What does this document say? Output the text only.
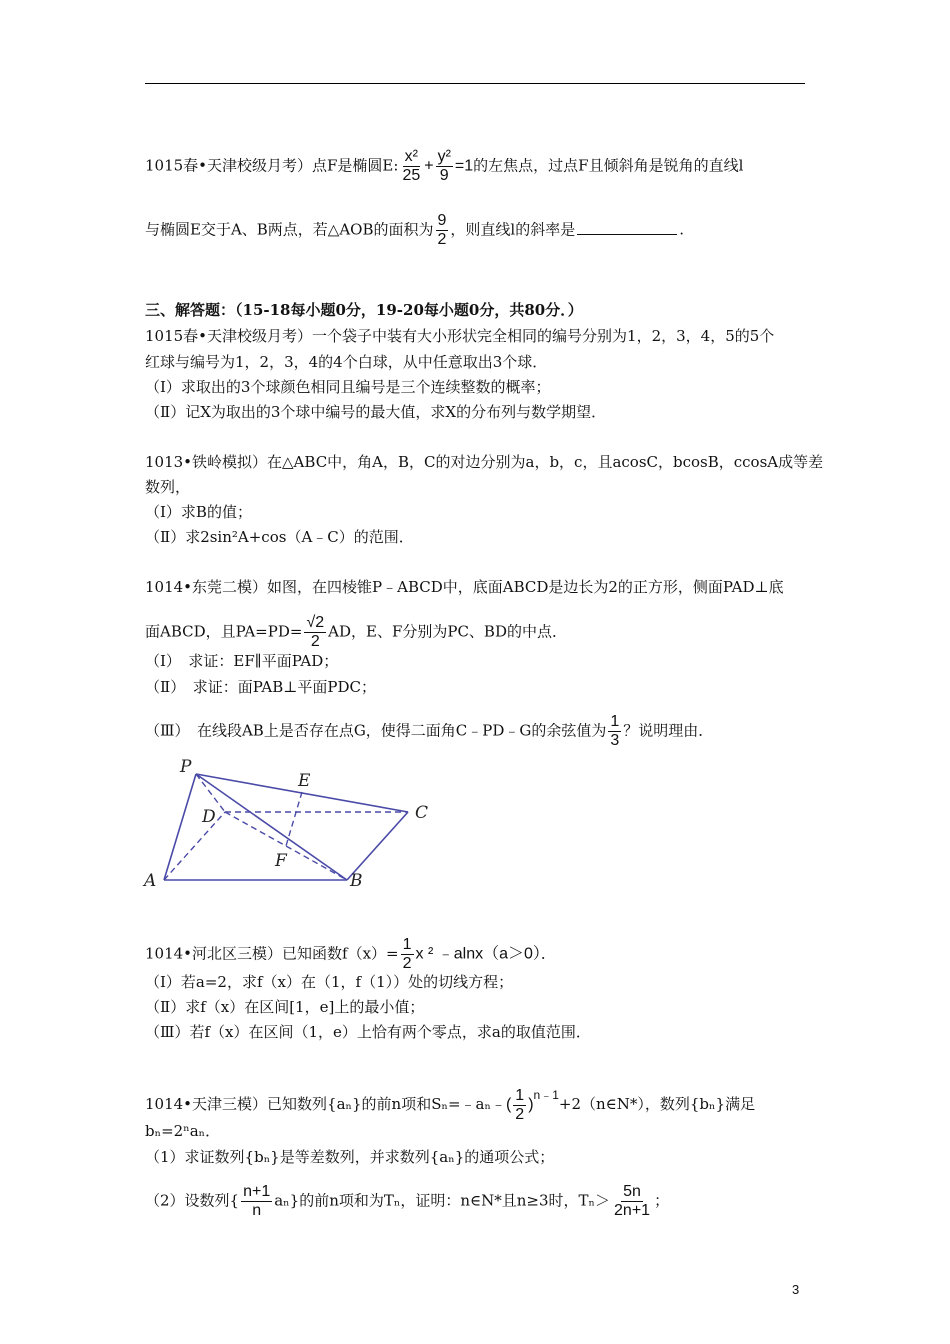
1015春•天津校级月考）点F是椭圆E: $\frac{\text{x²}}{25} + \frac{\text{y²}}{9} =1$的左焦点，过点F且倾斜角是锐角的直线l
与椭圆E交于A、B两点，若△AOB的面积为 $\frac{9}{2}$ ，则直线l的斜率是	.
三、解答题：（15-18每小题0分，19-20每小题0分，共80分．）
1015春•天津校级月考）一个袋子中装有大小形状完全相同的编号分别为1，2，3，4，5的5个
红球与编号为1，2，3，4的4个白球，从中任意取出3个球．
（Ⅰ）求取出的3个球颜色相同且编号是三个连续整数的概率；
（Ⅱ）记X为取出的3个球中编号的最大值，求X的分布列与数学期望．
1013•铁岭模拟）在△ABC中，角A，B，C的对边分别为a，b，c，且acosC，bcosB，ccosA成等差
数列，
（Ⅰ）求B的值；
（Ⅱ）求2sin²A+cos（A﹣C）的范围．
1014•东莞二模）如图，在四棱锥P﹣ABCD中，底面ABCD是边长为2的正方形，侧面PAD⊥底
面ABCD，且$PA=PD= \frac{√2}{2}$ AD，E、F分别为PC、BD的中点．
（Ⅰ）　求证：EF∥平面PAD；
（Ⅱ）　求证：面PAB⊥平面PDC；
（Ⅲ）　在线段AB上是否存在点G，使得二面角C﹣PD﹣G的余弦值为 $\frac{1}{3}$ ？说明理由．
P
E
C
D
F
A	B
1014•河北区三模）已知函数$f(x)= \frac{1}{2}$ x ² ﹣alnx（a＞0）．
（Ⅰ）若a=2，求f（x）在（1，f（1））处的切线方程；
（Ⅱ）求f（x）在区间[1，e]上的最小值；
（Ⅲ）若f（x）在区间（1，e）上恰有两个零点，求a的取值范围．
1014•天津三模）已知数列{aₙ}的前n项和Sₙ=﹣aₙ﹣( $\frac{1}{2}$ )$^{n﹣1}$+2（n∈N*），数列{bₙ}满足
bₙ=2ⁿaₙ．
（1）求证数列{bₙ}是等差数列，并求数列{aₙ}的通项公式；
（2）设数列{ $\frac{n+1}{n} a_n$}的前n项和为Tₙ，证明：n∈N*且n≥3时，$T_n> \frac{5n}{2n+1}$ ；
3
